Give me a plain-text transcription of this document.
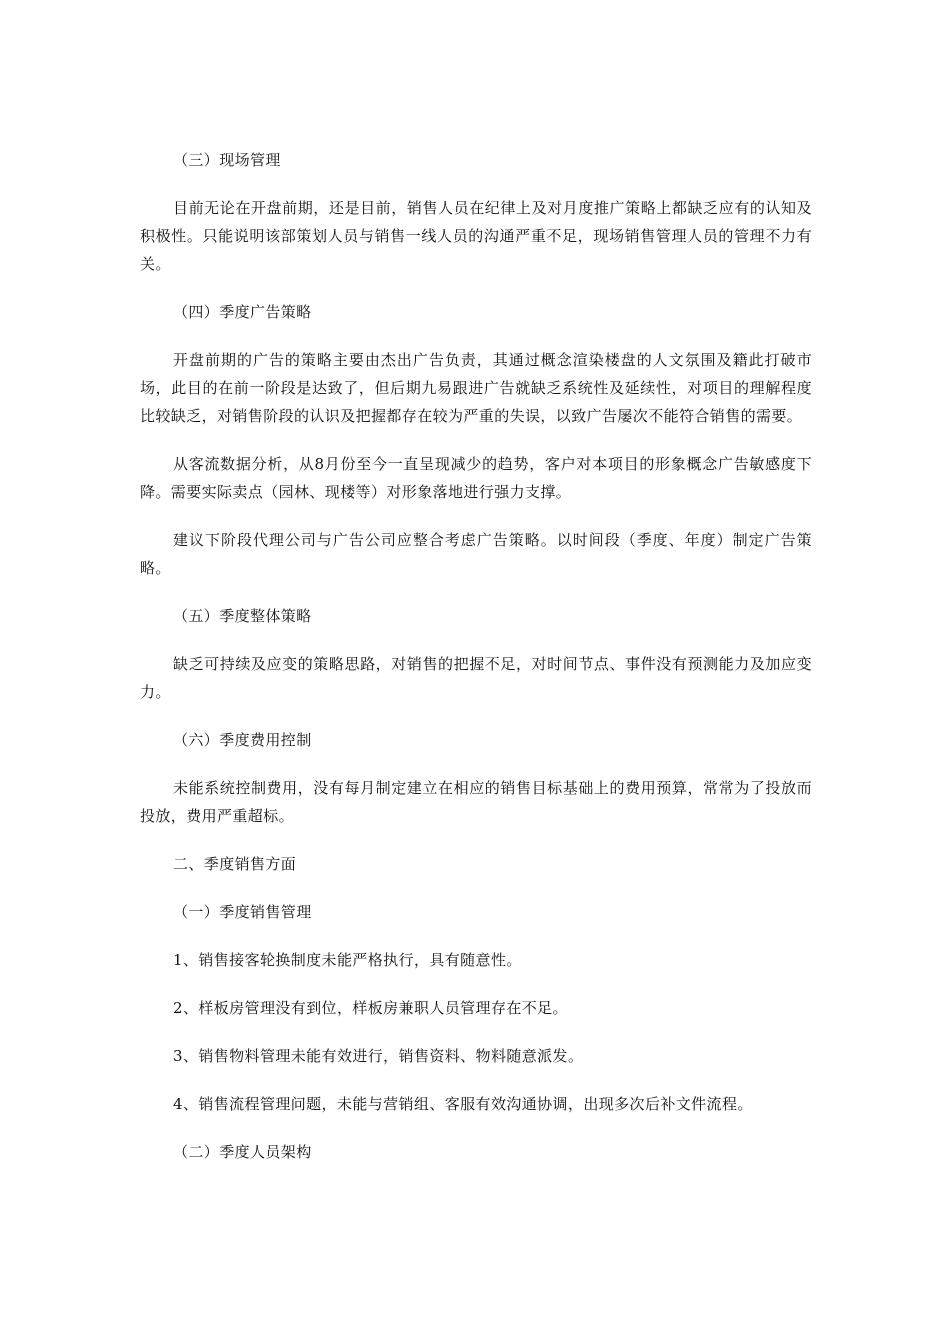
（三）现场管理

目前无论在开盘前期，还是目前，销售人员在纪律上及对月度推广策略上都缺乏应有的认知及积极性。只能说明该部策划人员与销售一线人员的沟通严重不足，现场销售管理人员的管理不力有关。

（四）季度广告策略

开盘前期的广告的策略主要由杰出广告负责，其通过概念渲染楼盘的人文氛围及籍此打破市场，此目的在前一阶段是达致了，但后期九易跟进广告就缺乏系统性及延续性，对项目的理解程度比较缺乏，对销售阶段的认识及把握都存在较为严重的失误，以致广告屡次不能符合销售的需要。

从客流数据分析，从8月份至今一直呈现减少的趋势，客户对本项目的形象概念广告敏感度下降。需要实际卖点（园林、现楼等）对形象落地进行强力支撑。

建议下阶段代理公司与广告公司应整合考虑广告策略。以时间段（季度、年度）制定广告策略。

（五）季度整体策略

缺乏可持续及应变的策略思路，对销售的把握不足，对时间节点、事件没有预测能力及加应变力。

（六）季度费用控制

未能系统控制费用，没有每月制定建立在相应的销售目标基础上的费用预算，常常为了投放而投放，费用严重超标。

二、季度销售方面

（一）季度销售管理

1、销售接客轮换制度未能严格执行，具有随意性。

2、样板房管理没有到位，样板房兼职人员管理存在不足。

3、销售物料管理未能有效进行，销售资料、物料随意派发。

4、销售流程管理问题，未能与营销组、客服有效沟通协调，出现多次后补文件流程。

（二）季度人员架构
